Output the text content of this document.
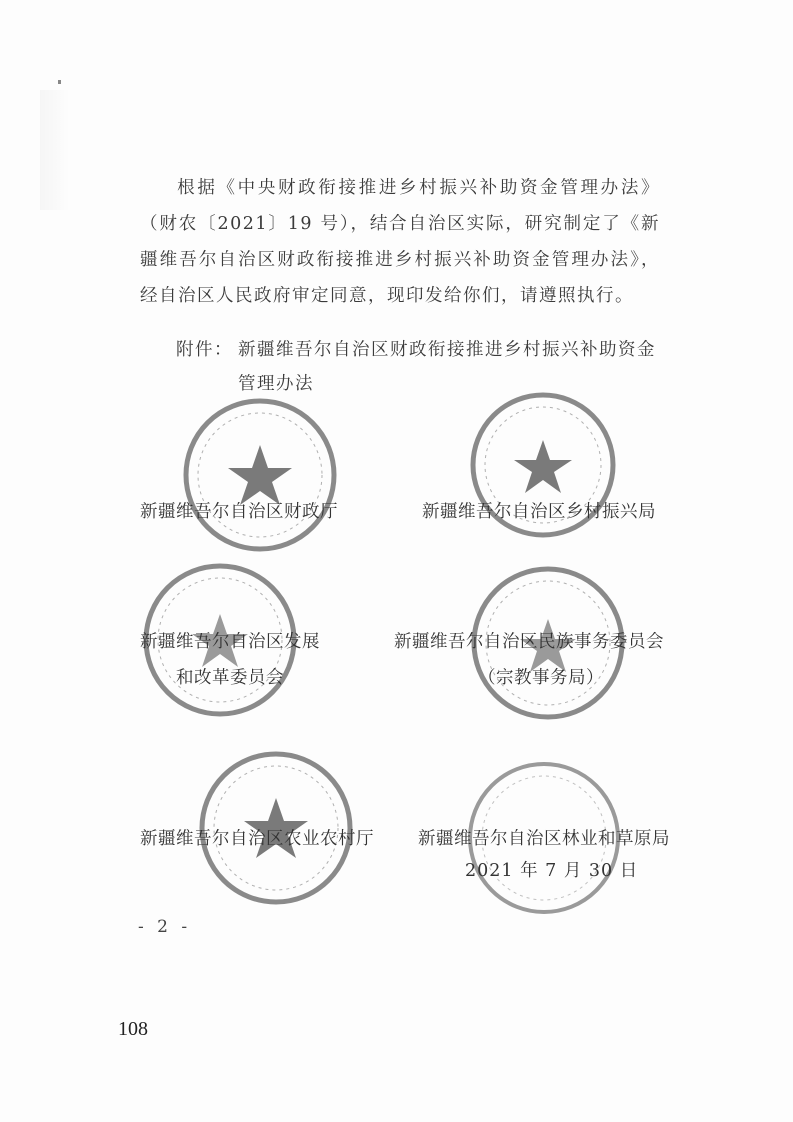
根据《中央财政衔接推进乡村振兴补助资金管理办法》（财农〔2021〕19 号），结合自治区实际，研究制定了《新疆维吾尔自治区财政衔接推进乡村振兴补助资金管理办法》，经自治区人民政府审定同意，现印发给你们，请遵照执行。
附件： 新疆维吾尔自治区财政衔接推进乡村振兴补助资金
管理办法
新疆维吾尔自治区财政厅	新疆维吾尔自治区乡村振兴局
新疆维吾尔自治区发展
和改革委员会
新疆维吾尔自治区民族事务委员会
（宗教事务局）
新疆维吾尔自治区农业农村厅	新疆维吾尔自治区林业和草原局
2021 年 7 月 30 日
- 2 -
108
